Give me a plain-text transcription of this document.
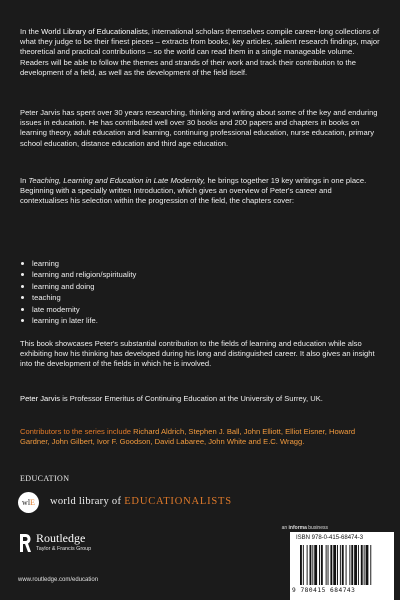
In the World Library of Educationalists, international scholars themselves compile career-long collections of what they judge to be their finest pieces – extracts from books, key articles, salient research findings, major theoretical and practical contributions – so the world can read them in a single manageable volume. Readers will be able to follow the themes and strands of their work and track their contribution to the development of a field, as well as the development of the field itself.
Peter Jarvis has spent over 30 years researching, thinking and writing about some of the key and enduring issues in education. He has contributed well over 30 books and 200 papers and chapters in books on learning theory, adult education and learning, continuing professional education, nurse education, primary school education, distance education and third age education.
In Teaching, Learning and Education in Late Modernity, he brings together 19 key writings in one place. Beginning with a specially written Introduction, which gives an overview of Peter's career and contextualises his selection within the progression of the field, the chapters cover:
learning
learning and religion/spirituality
learning and doing
teaching
late modernity
learning in later life.
This book showcases Peter's substantial contribution to the fields of learning and education while also exhibiting how his thinking has developed during his long and distinguished career. It also gives an insight into the development of the fields in which he is involved.
Peter Jarvis is Professor Emeritus of Continuing Education at the University of Surrey, UK.
Contributors to the series include Richard Aldrich, Stephen J. Ball, John Elliott, Elliot Eisner, Howard Gardner, John Gilbert, Ivor F. Goodson, David Labaree, John White and E.C. Wragg.
EDUCATION
wl E world library of EDUCATIONALISTS
an informa business
Routledge
Taylor & Francis Group
www.routledge.com/education
ISBN 978-0-415-68474-3
9 780415 684743
